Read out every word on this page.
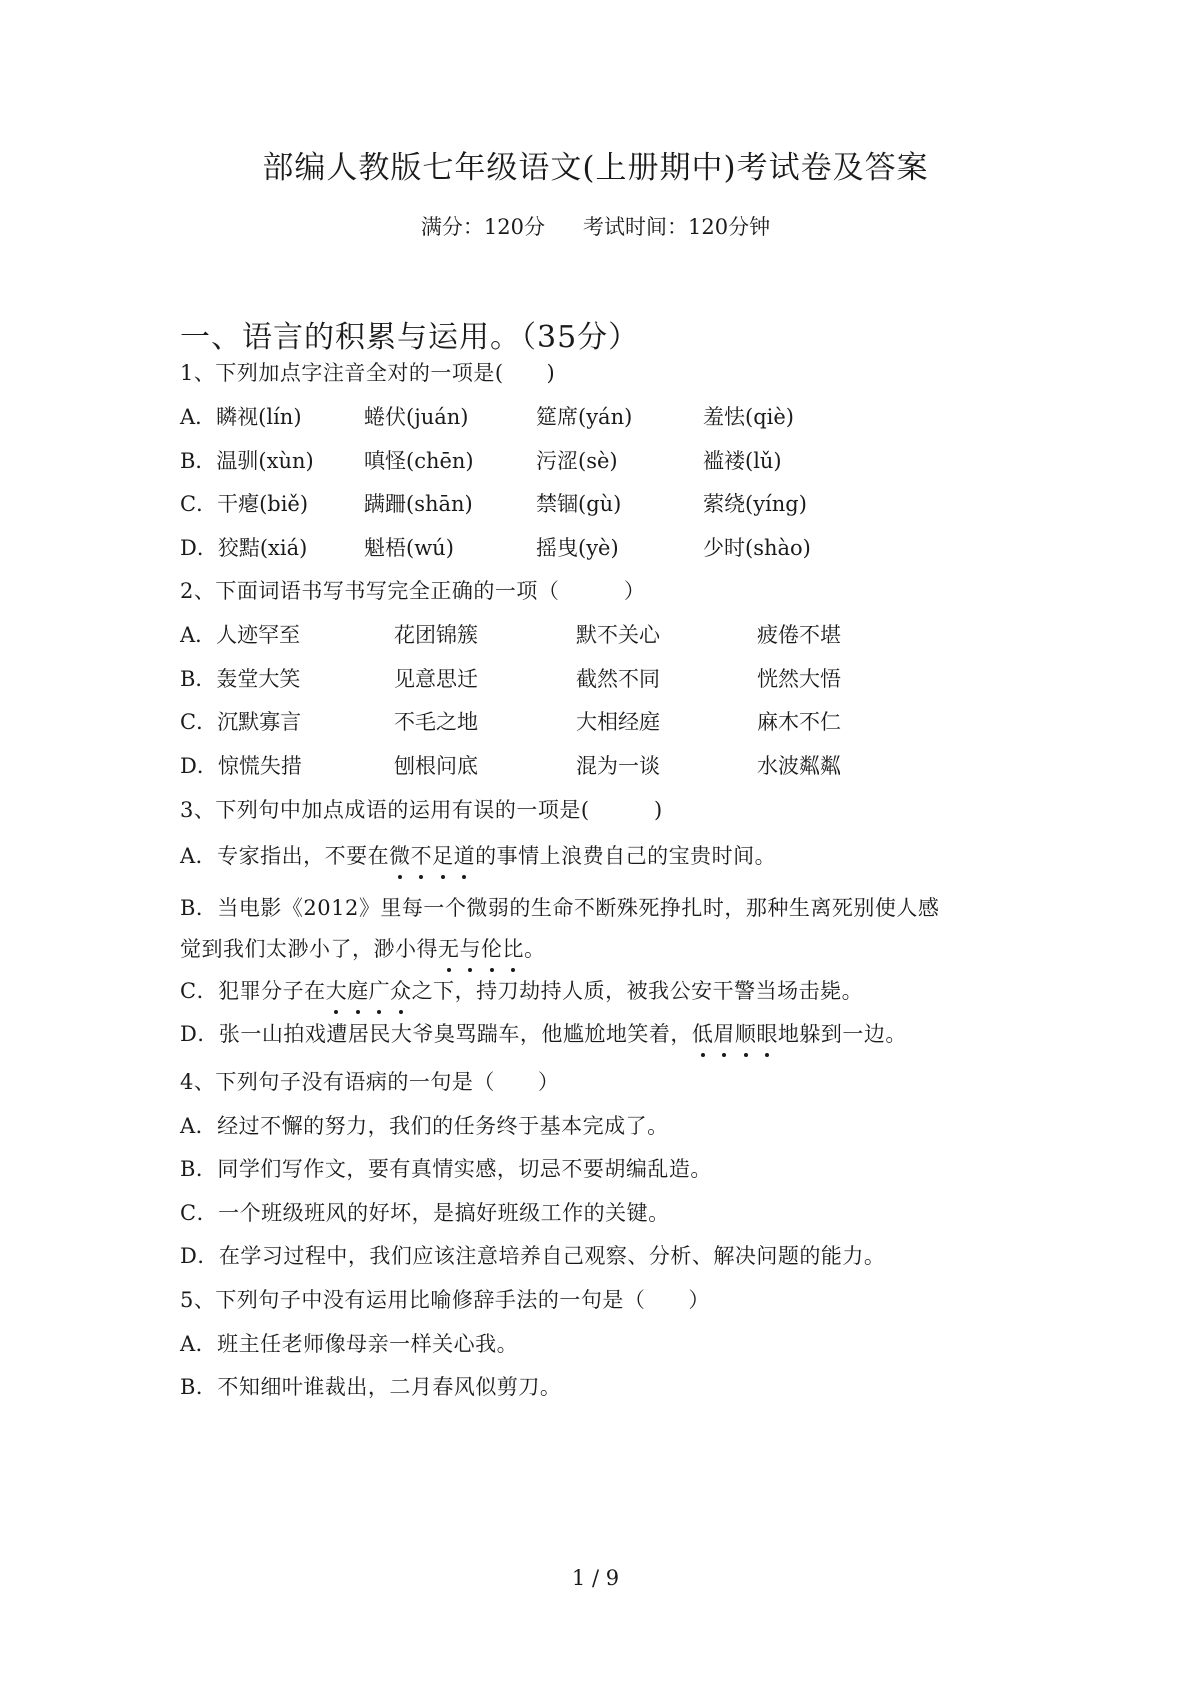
部编人教版七年级语文(上册期中)考试卷及答案
满分：120分 考试时间：120分钟
一、语言的积累与运用。（35分）
1、下列加点字注音全对的一项是(　　)
A．瞵视(lín)	蜷伏(juán)	筵席(yán)	羞怯(qiè)
B．温驯(xùn) 嗔怪(chēn)	污涩(sè)	褴褛(lǔ)
C．干瘪(biě)	蹒跚(shān)	禁锢(gù)	萦绕(yíng)
D．狡黠(xiá)	魁梧(wú)	摇曳(yè)	少时(shào)
2、下面词语书写书写完全正确的一项（　　　）
A．人迹罕至	花团锦簇	默不关心	疲倦不堪
B．轰堂大笑	见意思迁	截然不同	恍然大悟
C．沉默寡言	不毛之地	大相经庭	麻木不仁
D．惊慌失措	刨根问底	混为一谈	水波粼粼
3、下列句中加点成语的运用有误的一项是(　　　)
A．专家指出，不要在微不足道的事情上浪费自己的宝贵时间。
B．当电影《2012》里每一个微弱的生命不断殊死挣扎时，那种生离死别使人感
觉到我们太渺小了，渺小得无与伦比。
C．犯罪分子在大庭广众之下，持刀劫持人质，被我公安干警当场击毙。
D．张一山拍戏遭居民大爷臭骂踹车，他尴尬地笑着，低眉顺眼地躲到一边。
4、下列句子没有语病的一句是（　　）
A．经过不懈的努力，我们的任务终于基本完成了。
B．同学们写作文，要有真情实感，切忌不要胡编乱造。
C．一个班级班风的好坏，是搞好班级工作的关键。
D．在学习过程中，我们应该注意培养自己观察、分析、解决问题的能力。
5、下列句子中没有运用比喻修辞手法的一句是（　　）
A．班主任老师像母亲一样关心我。
B．不知细叶谁裁出，二月春风似剪刀。
1 / 9
